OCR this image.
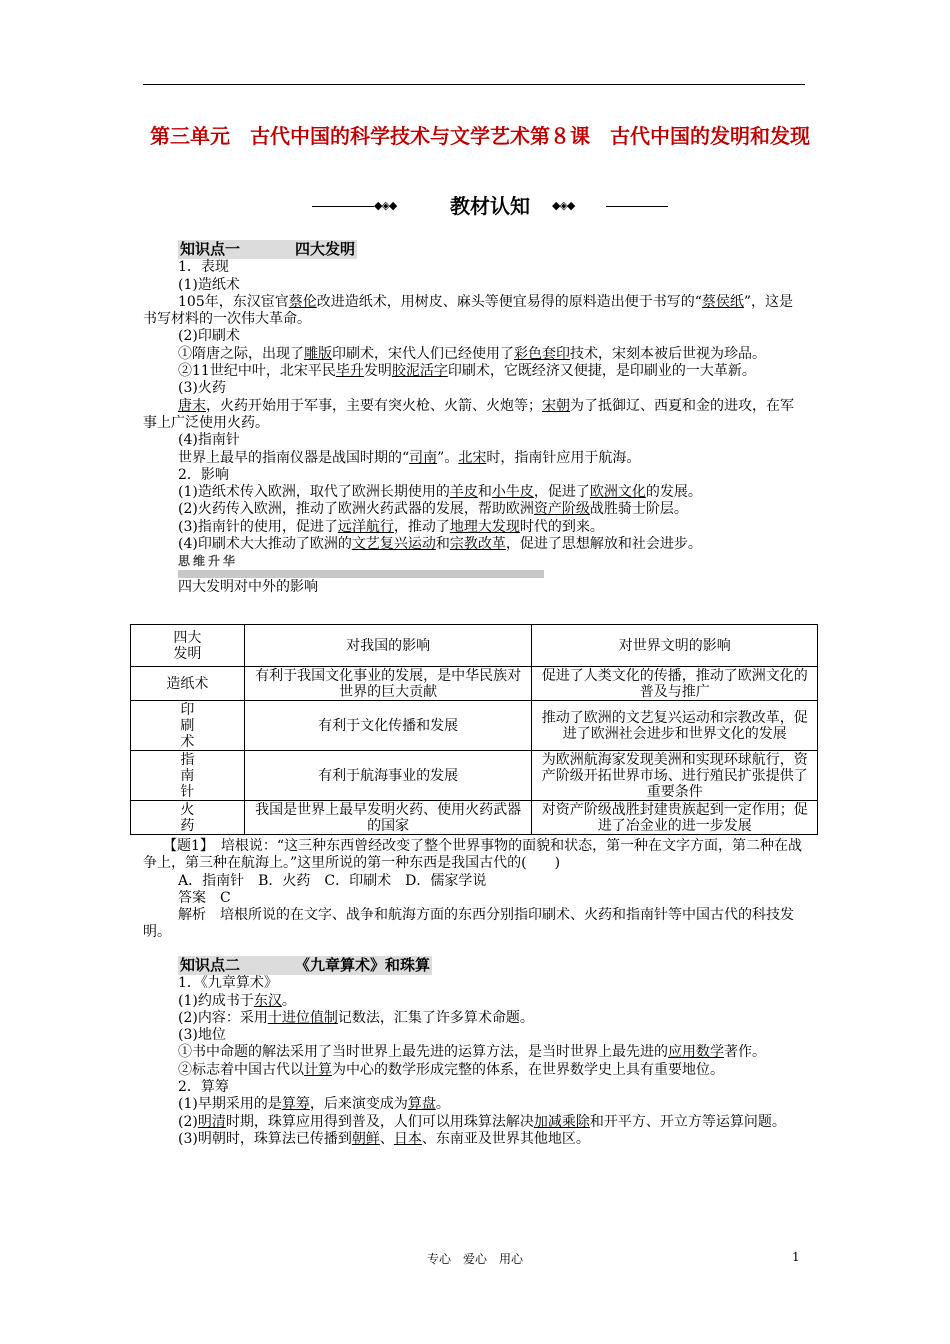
第三单元　古代中国的科学技术与文学艺术第８课　古代中国的发明和发现
◆◈◆	教材认知	◆◈◆
知识点一	四大发明
1．表现
(1)造纸术
105年，东汉宦官蔡伦改进造纸术，用树皮、麻头等便宜易得的原料造出便于书写的“蔡侯纸”，这是书写材料的一次伟大革命。
(2)印刷术
①隋唐之际，出现了雕版印刷术，宋代人们已经使用了彩色套印技术，宋刻本被后世视为珍品。
②11世纪中叶，北宋平民毕升发明胶泥活字印刷术，它既经济又便捷，是印刷业的一大革新。
(3)火药
唐末，火药开始用于军事，主要有突火枪、火箭、火炮等；宋朝为了抵御辽、西夏和金的进攻，在军事上广泛使用火药。
(4)指南针
世界上最早的指南仪器是战国时期的“司南”。北宋时，指南针应用于航海。
2．影响
(1)造纸术传入欧洲，取代了欧洲长期使用的羊皮和小牛皮，促进了欧洲文化的发展。
(2)火药传入欧洲，推动了欧洲火药武器的发展，帮助欧洲资产阶级战胜骑士阶层。
(3)指南针的使用，促进了远洋航行，推动了地理大发现时代的到来。
(4)印刷术大大推动了欧洲的文艺复兴运动和宗教改革，促进了思想解放和社会进步。
思维升华
四大发明对中外的影响
四大
发明	对我国的影响	对世界文明的影响
造纸术	有利于我国文化事业的发展，是中华民族对世界的巨大贡献	促进了人类文化的传播，推动了欧洲文化的普及与推广
印
刷
术	有利于文化传播和发展	推动了欧洲的文艺复兴运动和宗教改革，促进了欧洲社会进步和世界文化的发展
指
南
针	有利于航海事业的发展	为欧洲航海家发现美洲和实现环球航行，资产阶级开拓世界市场、进行殖民扩张提供了重要条件
火
药	我国是世界上最早发明火药、使用火药武器的国家	对资产阶级战胜封建贵族起到一定作用；促进了冶金业的进一步发展
【题1】　培根说：“这三种东西曾经改变了整个世界事物的面貌和状态，第一种在文字方面，第二种在战争上，第三种在航海上。”这里所说的第一种东西是我国古代的(　　)
A．指南针　B．火药　C．印刷术　D．儒家学说
答案　C
解析　培根所说的在文字、战争和航海方面的东西分别指印刷术、火药和指南针等中国古代的科技发明。
知识点二	《九章算术》和珠算
1．《九章算术》
(1)约成书于东汉。
(2)内容：采用十进位值制记数法，汇集了许多算术命题。
(3)地位
①书中命题的解法采用了当时世界上最先进的运算方法，是当时世界上最先进的应用数学著作。
②标志着中国古代以计算为中心的数学形成完整的体系，在世界数学史上具有重要地位。
2．算筹
(1)早期采用的是算筹，后来演变成为算盘。
(2)明清时期，珠算应用得到普及，人们可以用珠算法解决加减乘除和开平方、开立方等运算问题。
(3)明朝时，珠算法已传播到朝鲜、日本、东南亚及世界其他地区。
专心　爱心　用心	1
